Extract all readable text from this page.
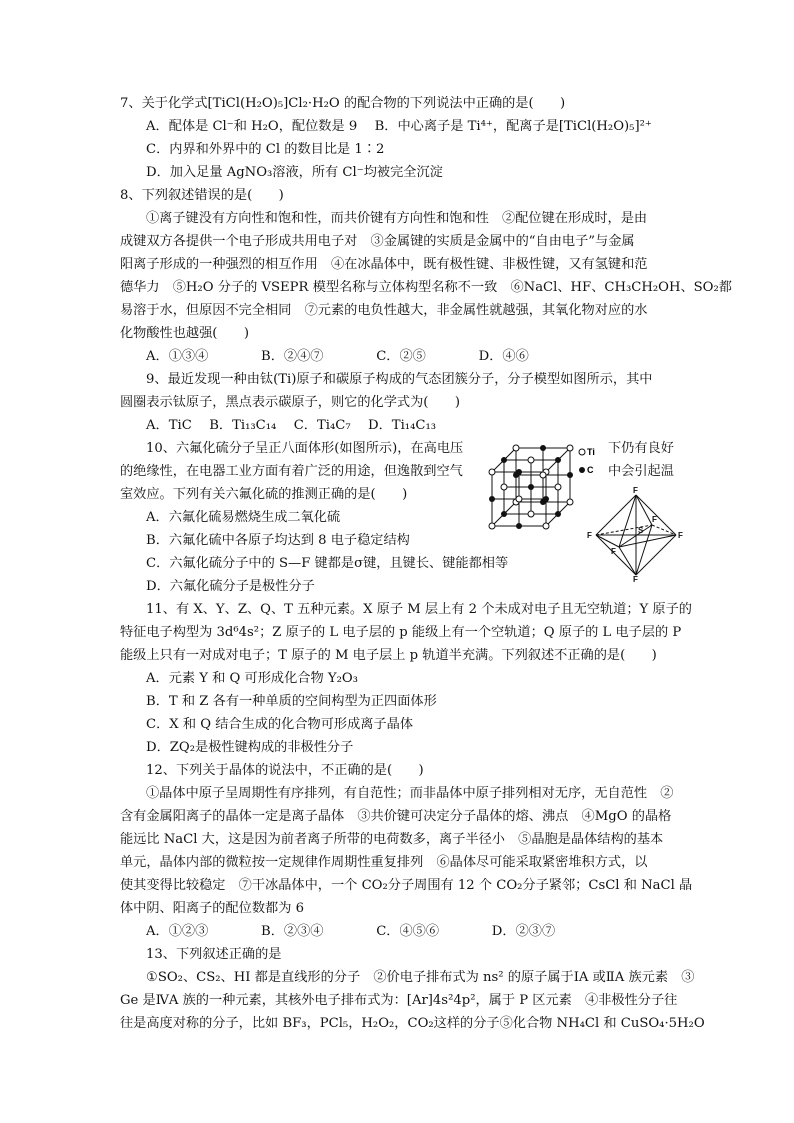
7、关于化学式[TiCl(H₂O)₅]Cl₂·H₂O 的配合物的下列说法中正确的是(　　)
A．配体是 Cl⁻和 H₂O，配位数是 9　 B．中心离子是 Ti⁴⁺，配离子是[TiCl(H₂O)₅]²⁺
C．内界和外界中的 Cl 的数目比是 1∶2
D．加入足量 AgNO₃溶液，所有 Cl⁻均被完全沉淀
8、下列叙述错误的是(　　)
①离子键没有方向性和饱和性，而共价键有方向性和饱和性　②配位键在形成时，是由
成键双方各提供一个电子形成共用电子对　③金属键的实质是金属中的“自由电子”与金属
阳离子形成的一种强烈的相互作用　④在冰晶体中，既有极性键、非极性键，又有氢键和范
德华力　⑤H₂O 分子的 VSEPR 模型名称与立体构型名称不一致　⑥NaCl、HF、CH₃CH₂OH、SO₂都
易溶于水，但原因不完全相同　⑦元素的电负性越大，非金属性就越强，其氧化物对应的水
化物酸性也越强(　　)
A．①③④　　　　B．②④⑦　　　　C．②⑤　　　　D．④⑥
9、最近发现一种由钛(Ti)原子和碳原子构成的气态团簇分子，分子模型如图所示，其中
圆圈表示钛原子，黑点表示碳原子，则它的化学式为(　　)
A．TiC　 B．Ti₁₃C₁₄　 C．Ti₄C₇　 D．Ti₁₄C₁₃
10、六氟化硫分子呈正八面体形(如图所示)，在高电压
的绝缘性，在电器工业方面有着广泛的用途，但逸散到空气
室效应。下列有关六氟化硫的推测正确的是(　　)
下仍有良好
中会引起温
A．六氟化硫易燃烧生成二氧化硫
B．六氟化硫中各原子均达到 8 电子稳定结构
C．六氟化硫分子中的 S—F 键都是σ键，且键长、键能都相等
D．六氟化硫分子是极性分子
11、有 X、Y、Z、Q、T 五种元素。X 原子 M 层上有 2 个未成对电子且无空轨道；Y 原子的
特征电子构型为 3d⁶4s²；Z 原子的 L 电子层的 p 能级上有一个空轨道；Q 原子的 L 电子层的 P
能级上只有一对成对电子；T 原子的 M 电子层上 p 轨道半充满。下列叙述不正确的是(　　)
A．元素 Y 和 Q 可形成化合物 Y₂O₃
B．T 和 Z 各有一种单质的空间构型为正四面体形
C．X 和 Q 结合生成的化合物可形成离子晶体
D．ZQ₂是极性键构成的非极性分子
12、下列关于晶体的说法中，不正确的是(　　)
①晶体中原子呈周期性有序排列，有自范性；而非晶体中原子排列相对无序，无自范性　②
含有金属阳离子的晶体一定是离子晶体　③共价键可决定分子晶体的熔、沸点　④MgO 的晶格
能远比 NaCl 大，这是因为前者离子所带的电荷数多，离子半径小　⑤晶胞是晶体结构的基本
单元，晶体内部的微粒按一定规律作周期性重复排列　⑥晶体尽可能采取紧密堆积方式，以
使其变得比较稳定　⑦干冰晶体中，一个 CO₂分子周围有 12 个 CO₂分子紧邻；CsCl 和 NaCl 晶
体中阴、阳离子的配位数都为 6
A．①②③　　　　B．②③④　　　　C．④⑤⑥　　　　D．②③⑦
13、下列叙述正确的是
①SO₂、CS₂、HI 都是直线形的分子　②价电子排布式为 ns² 的原子属于ⅠA 或ⅡA 族元素　③
Ge 是ⅣA 族的一种元素，其核外电子排布式为：[Ar]4s²4p²，属于 P 区元素　④非极性分子往
往是高度对称的分子，比如 BF₃，PCl₅，H₂O₂，CO₂这样的分子⑤化合物 NH₄Cl 和 CuSO₄·5H₂O
Ti
C
F
F
F	F
F
F
S
